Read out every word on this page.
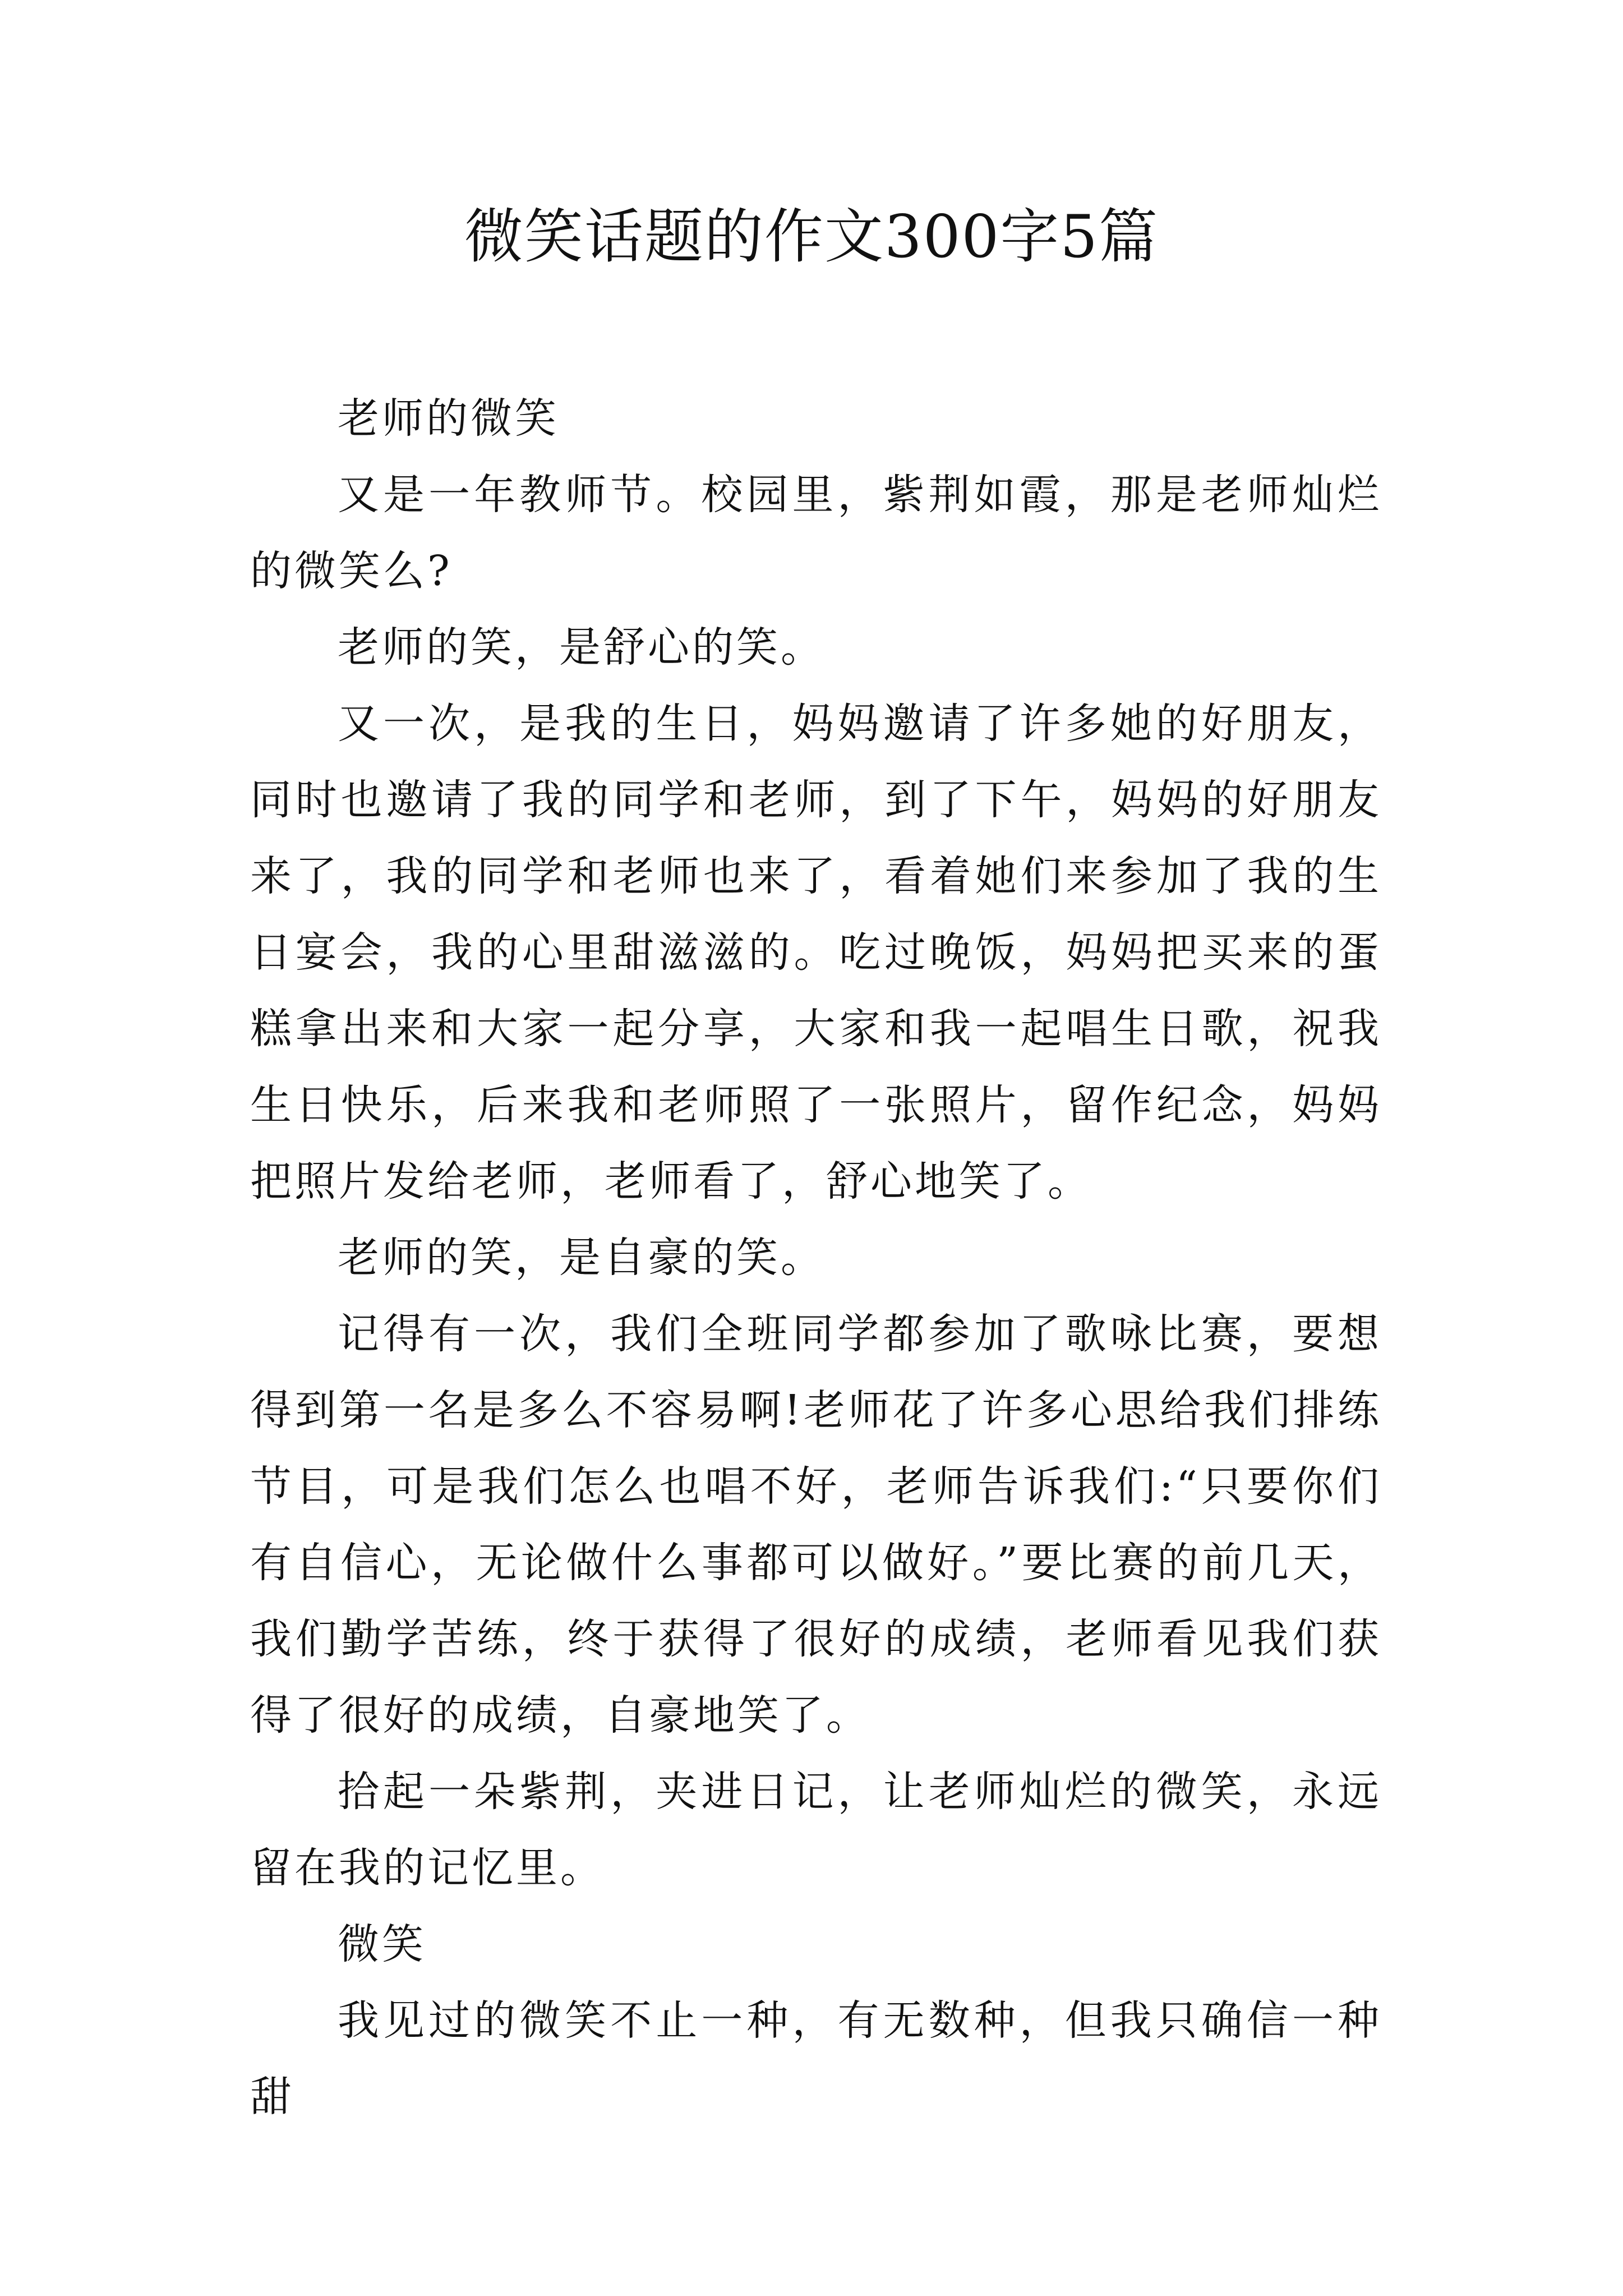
微笑话题的作文300字5篇

老师的微笑

又是一年教师节。校园里，紫荆如霞，那是老师灿烂的微笑么?

老师的笑，是舒心的笑。

又一次，是我的生日，妈妈邀请了许多她的好朋友，同时也邀请了我的同学和老师，到了下午，妈妈的好朋友来了，我的同学和老师也来了，看着她们来参加了我的生日宴会，我的心里甜滋滋的。吃过晚饭，妈妈把买来的蛋糕拿出来和大家一起分享，大家和我一起唱生日歌，祝我生日快乐，后来我和老师照了一张照片，留作纪念，妈妈把照片发给老师，老师看了，舒心地笑了。

老师的笑，是自豪的笑。

记得有一次，我们全班同学都参加了歌咏比赛，要想得到第一名是多么不容易啊!老师花了许多心思给我们排练节目，可是我们怎么也唱不好，老师告诉我们:“只要你们有自信心，无论做什么事都可以做好。”要比赛的前几天，我们勤学苦练，终于获得了很好的成绩，老师看见我们获得了很好的成绩，自豪地笑了。

拾起一朵紫荆，夹进日记，让老师灿烂的微笑，永远留在我的记忆里。

微笑

我见过的微笑不止一种，有无数种，但我只确信一种甜
